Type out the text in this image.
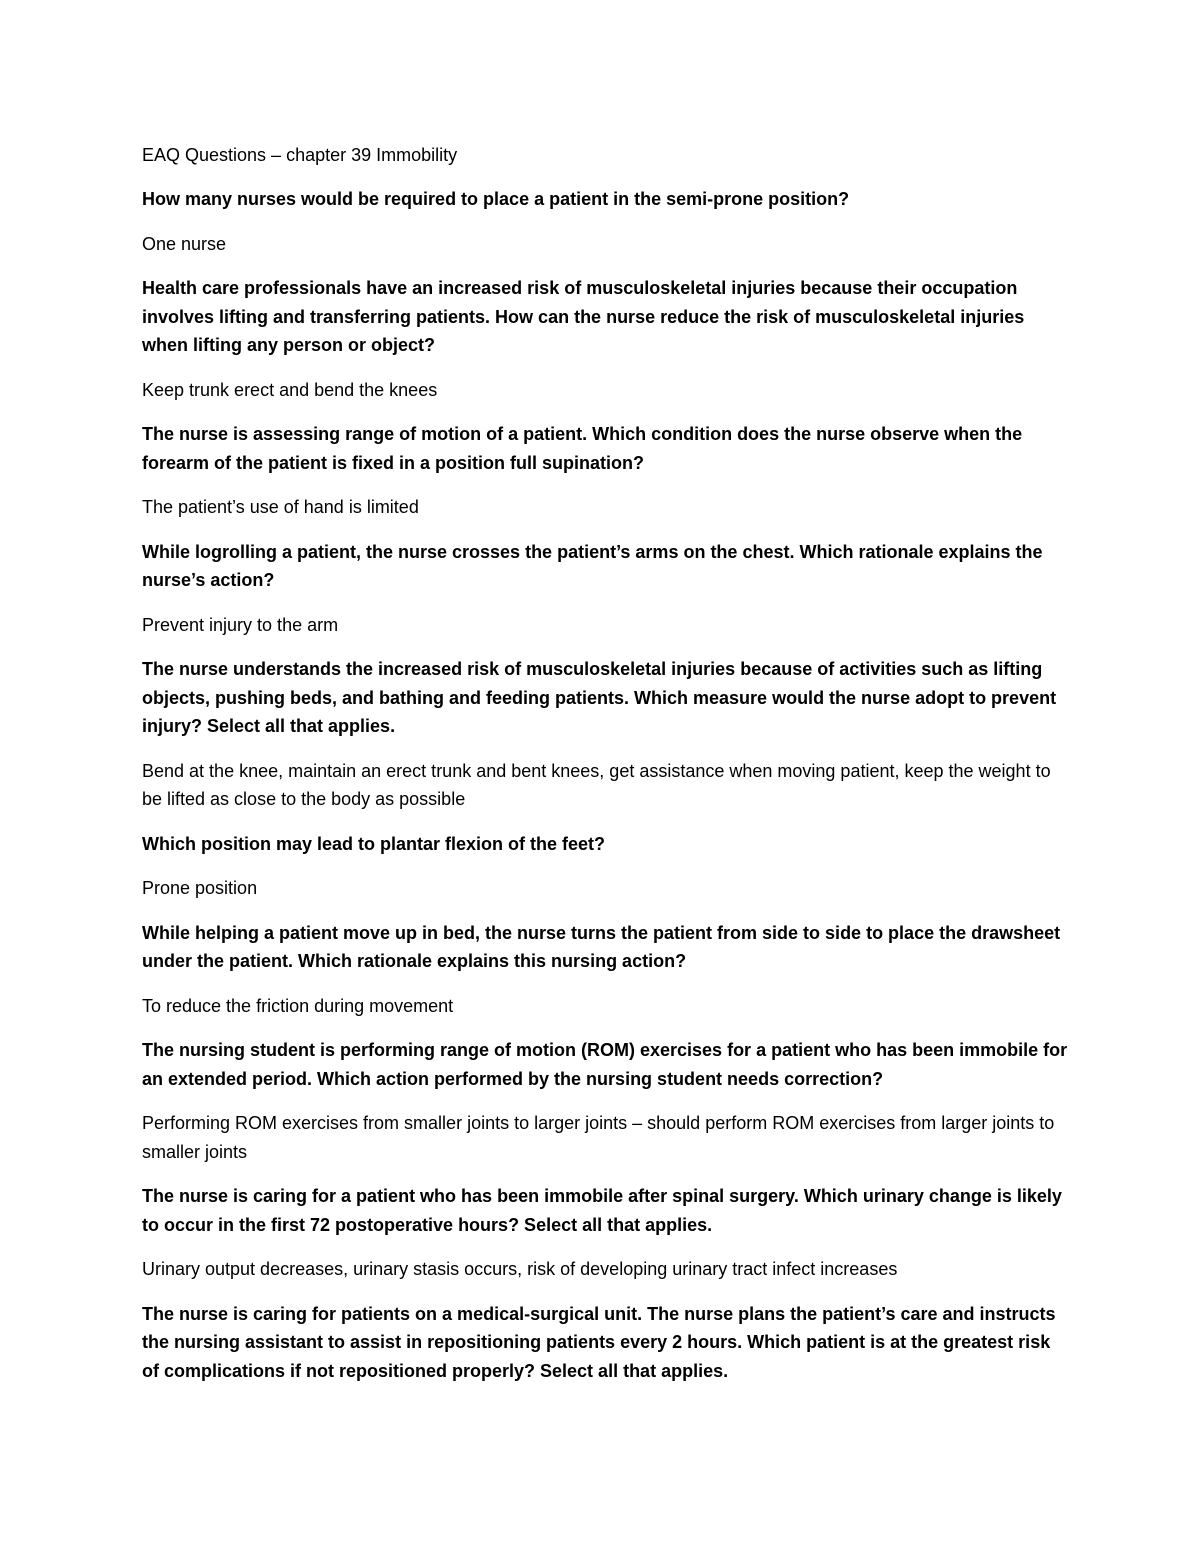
EAQ Questions – chapter 39 Immobility

How many nurses would be required to place a patient in the semi-prone position?

One nurse

Health care professionals have an increased risk of musculoskeletal injuries because their occupation involves lifting and transferring patients. How can the nurse reduce the risk of musculoskeletal injuries when lifting any person or object?

Keep trunk erect and bend the knees

The nurse is assessing range of motion of a patient. Which condition does the nurse observe when the forearm of the patient is fixed in a position full supination?

The patient’s use of hand is limited

While logrolling a patient, the nurse crosses the patient’s arms on the chest. Which rationale explains the nurse’s action?

Prevent injury to the arm

The nurse understands the increased risk of musculoskeletal injuries because of activities such as lifting objects, pushing beds, and bathing and feeding patients. Which measure would the nurse adopt to prevent injury? Select all that applies.

Bend at the knee, maintain an erect trunk and bent knees, get assistance when moving patient, keep the weight to be lifted as close to the body as possible

Which position may lead to plantar flexion of the feet?

Prone position

While helping a patient move up in bed, the nurse turns the patient from side to side to place the drawsheet under the patient. Which rationale explains this nursing action?

To reduce the friction during movement

The nursing student is performing range of motion (ROM) exercises for a patient who has been immobile for an extended period. Which action performed by the nursing student needs correction?

Performing ROM exercises from smaller joints to larger joints – should perform ROM exercises from larger joints to smaller joints

The nurse is caring for a patient who has been immobile after spinal surgery. Which urinary change is likely to occur in the first 72 postoperative hours? Select all that applies.

Urinary output decreases, urinary stasis occurs, risk of developing urinary tract infect increases

The nurse is caring for patients on a medical-surgical unit. The nurse plans the patient’s care and instructs the nursing assistant to assist in repositioning patients every 2 hours. Which patient is at the greatest risk of complications if not repositioned properly? Select all that applies.
